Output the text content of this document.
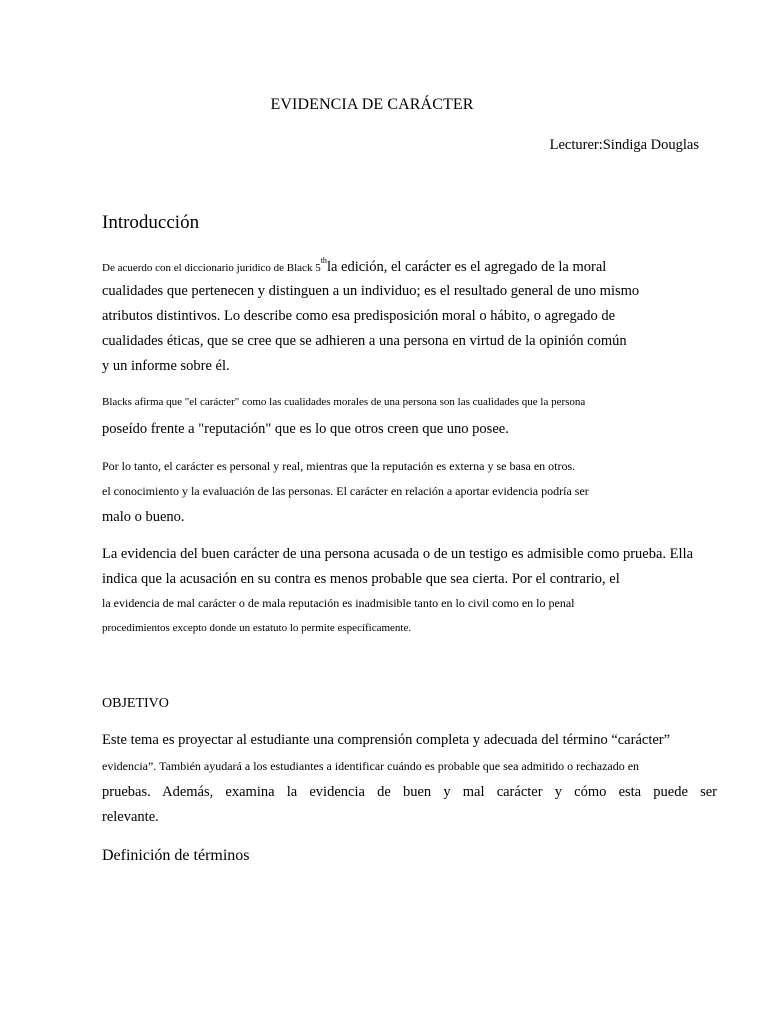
EVIDENCIA DE CARÁCTER
Lecturer:Sindiga Douglas
Introducción
De acuerdo con el diccionario jurídico de Black 5thla edición, el carácter es el agregado de la moral
cualidades que pertenecen y distinguen a un individuo; es el resultado general de uno mismo
atributos distintivos. Lo describe como esa predisposición moral o hábito, o agregado de
cualidades éticas, que se cree que se adhieren a una persona en virtud de la opinión común
y un informe sobre él.
Blacks afirma que "el carácter" como las cualidades morales de una persona son las cualidades que la persona
poseído frente a "reputación" que es lo que otros creen que uno posee.
Por lo tanto, el carácter es personal y real, mientras que la reputación es externa y se basa en otros.
el conocimiento y la evaluación de las personas. El carácter en relación a aportar evidencia podría ser
malo o bueno.
La evidencia del buen carácter de una persona acusada o de un testigo es admisible como prueba. Ella
indica que la acusación en su contra es menos probable que sea cierta. Por el contrario, el
la evidencia de mal carácter o de mala reputación es inadmisible tanto en lo civil como en lo penal
procedimientos excepto donde un estatuto lo permite específicamente.
OBJETIVO
Este tema es proyectar al estudiante una comprensión completa y adecuada del término “carácter”
evidencia”. También ayudará a los estudiantes a identificar cuándo es probable que sea admitido o rechazado en
pruebas. Además, examina la evidencia de buen y mal carácter y cómo esta puede ser
relevante.
Definición de términos
